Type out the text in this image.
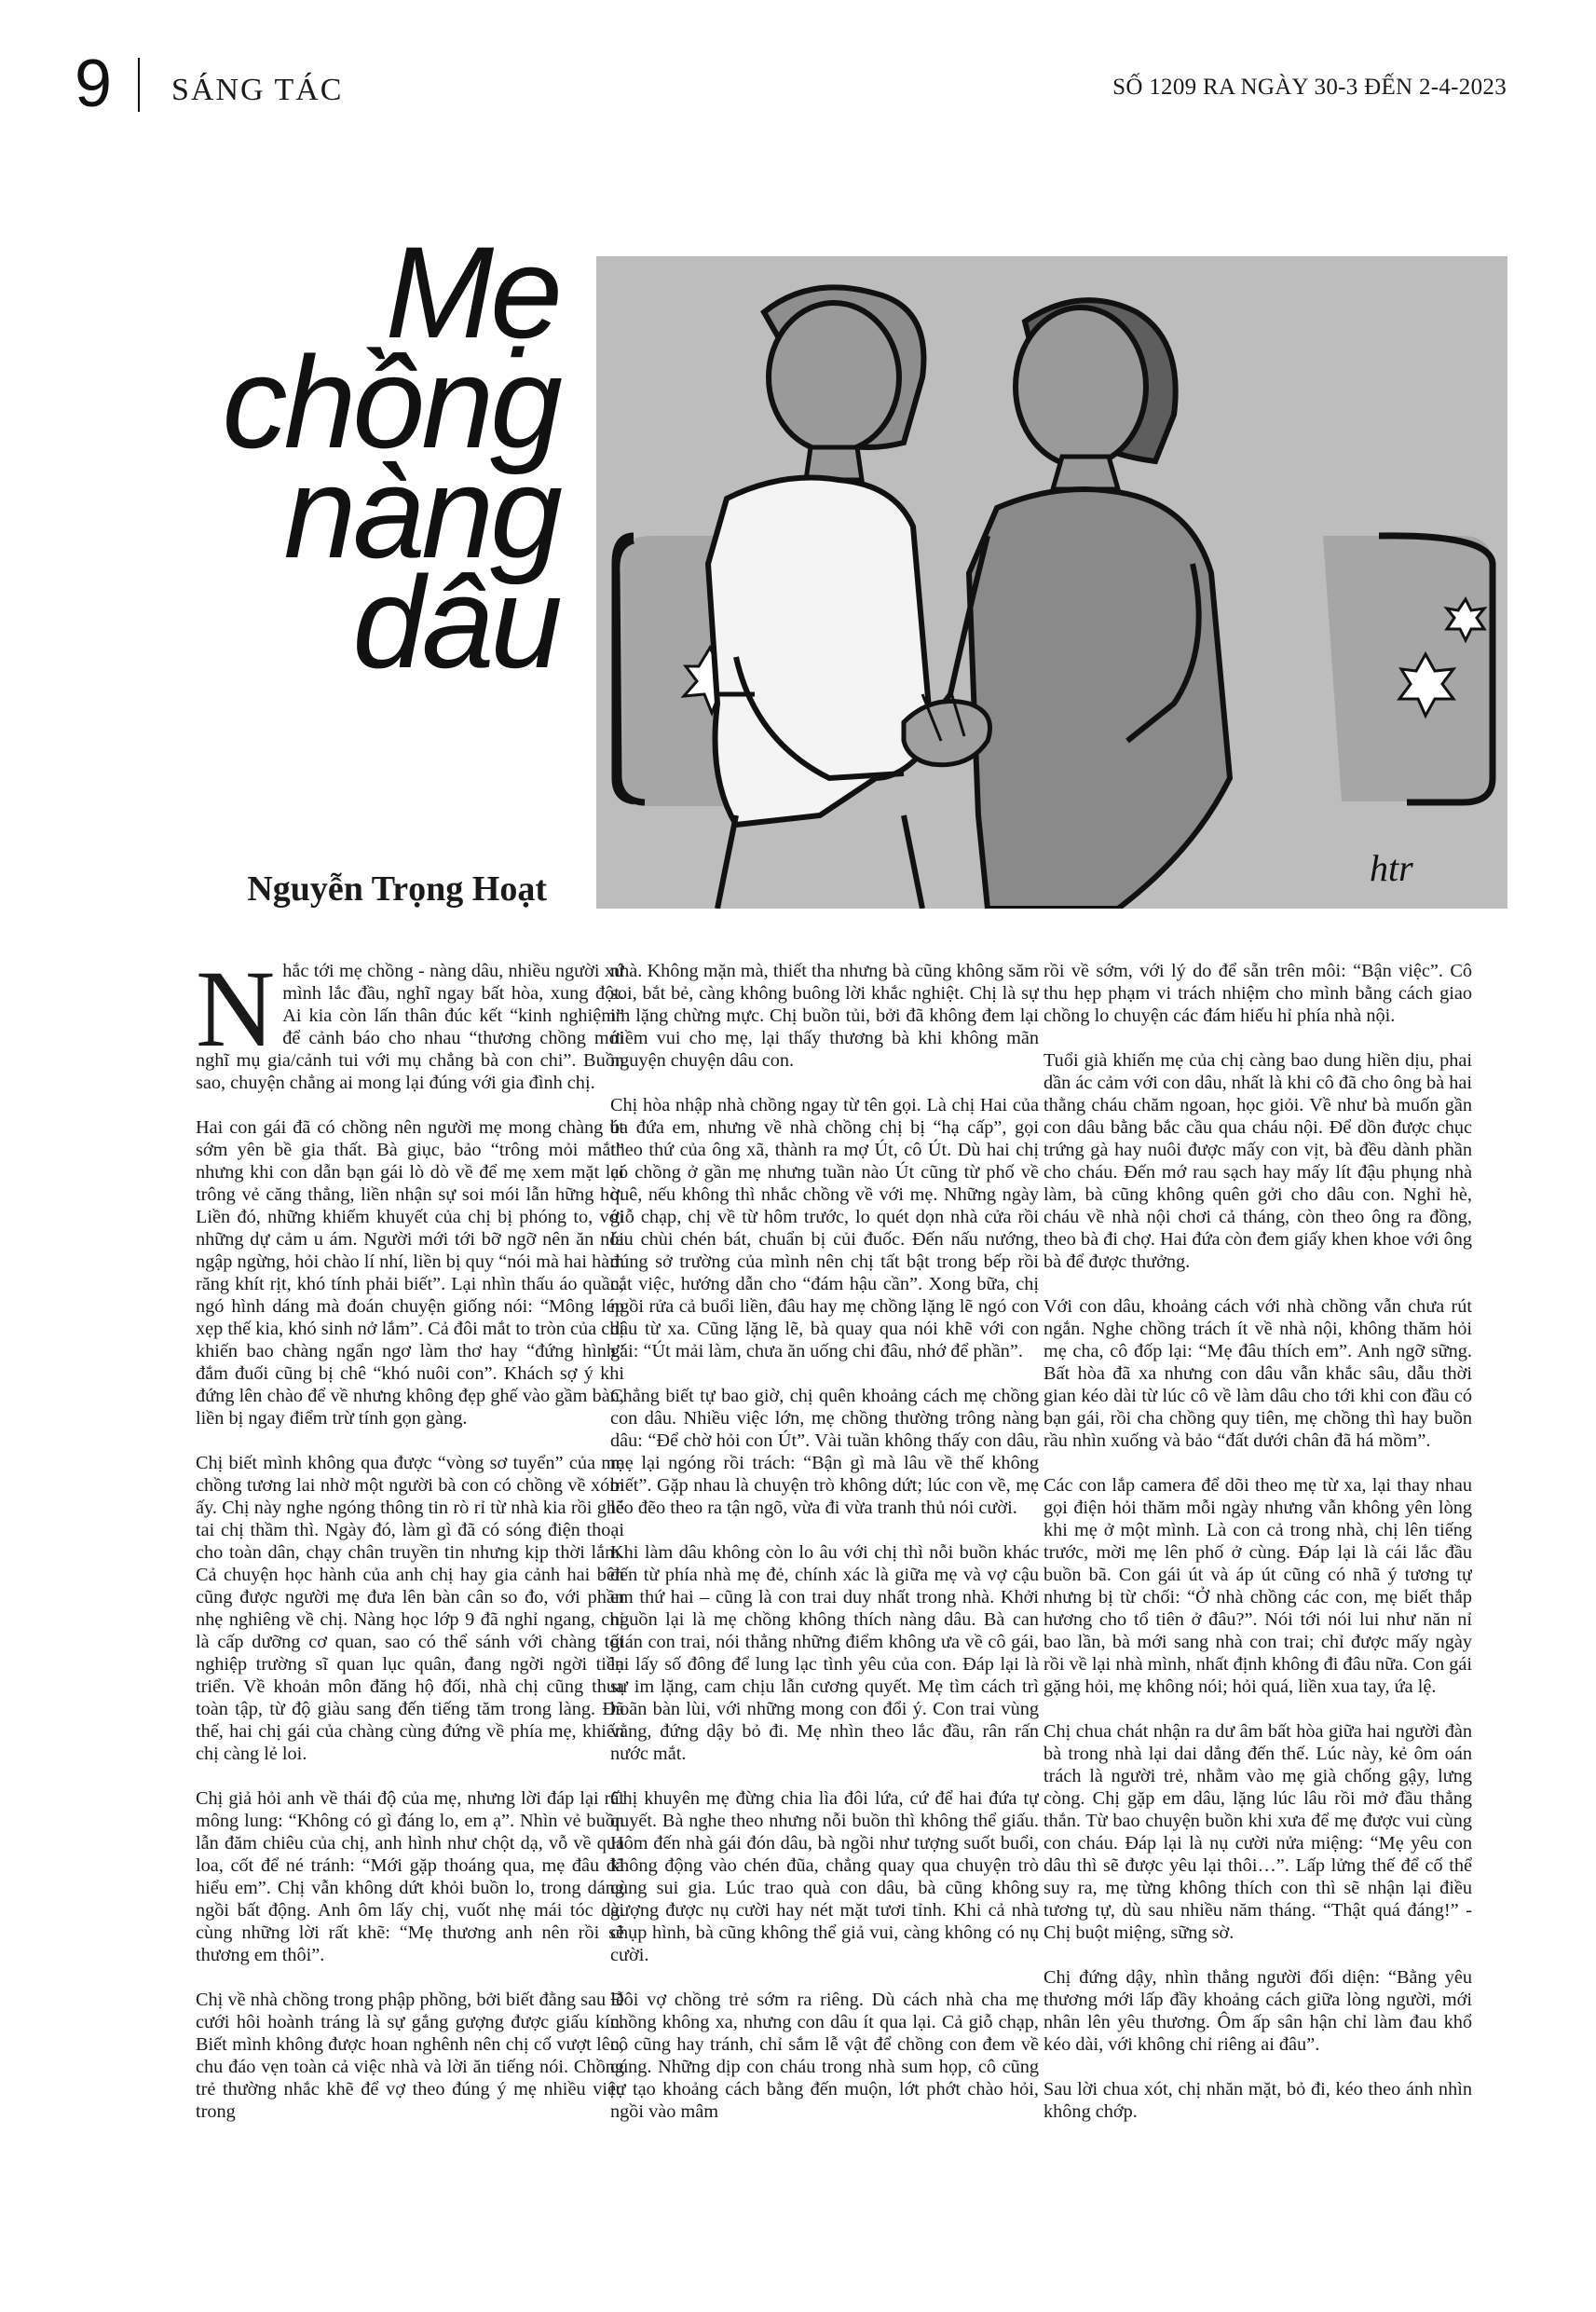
9 SÁNG TÁC	SỐ 1209 RA NGÀY 30-3 ĐẾN 2-4-2023
Mẹ
chồng
nàng
dâu
Nguyễn Trọng Hoạt	htr

Nhắc tới mẹ chồng - nàng dâu, nhiều người xứ mình lắc đầu, nghĩ ngay bất hòa, xung đột. Ai kia còn lấn thân đúc kết “kinh nghiệm” để cảnh báo cho nhau “thương chồng mới nghĩ mụ gia/cảnh tui với mụ chẳng bà con chi”. Buồn sao, chuyện chẳng ai mong lại đúng với gia đình chị.

Hai con gái đã có chồng nên người mẹ mong chàng út sớm yên bề gia thất. Bà giục, bảo “trông mỏi mắt” nhưng khi con dẫn bạn gái lò dò về để mẹ xem mặt lại trông vẻ căng thẳng, liền nhận sự soi mói lẫn hững hờ. Liền đó, những khiếm khuyết của chị bị phóng to, với những dự cảm u ám. Người mới tới bỡ ngỡ nên ăn nói ngập ngừng, hỏi chào lí nhí, liền bị quy “nói mà hai hàm răng khít rịt, khó tính phải biết”. Lại nhìn thấu áo quần, ngó hình dáng mà đoán chuyện giống nói: “Mông lép xẹp thế kia, khó sinh nở lắm”. Cả đôi mắt to tròn của chị khiến bao chàng ngẩn ngơ làm thơ hay “đứng hình” đắm đuối cũng bị chê “khó nuôi con”. Khách sợ ý khi đứng lên chào để về nhưng không đẹp ghế vào gầm bàn, liền bị ngay điểm trừ tính gọn gàng.

Chị biết mình không qua được “vòng sơ tuyển” của mẹ chồng tương lai nhờ một người bà con có chồng về xóm ấy. Chị này nghe ngóng thông tin rò rỉ từ nhà kia rồi ghé tai chị thầm thì. Ngày đó, làm gì đã có sóng điện thoại cho toàn dân, chạy chân truyền tin nhưng kịp thời lắm. Cả chuyện học hành của anh chị hay gia cảnh hai bên cũng được người mẹ đưa lên bàn cân so đo, với phần nhẹ nghiêng về chị. Nàng học lớp 9 đã nghỉ ngang, chỉ là cấp dưỡng cơ quan, sao có thể sánh với chàng tốt nghiệp trường sĩ quan lục quân, đang ngời ngời tiền triển. Về khoản môn đăng hộ đối, nhà chị cũng thua toàn tập, từ độ giàu sang đến tiếng tăm trong làng. Đã thế, hai chị gái của chàng cùng đứng về phía mẹ, khiến chị càng lẻ loi.

Chị giả hỏi anh về thái độ của mẹ, nhưng lời đáp lại rất mông lung: “Không có gì đáng lo, em ạ”. Nhìn vẻ buồn lẫn đăm chiêu của chị, anh hình như chột dạ, vỗ về qua loa, cốt để né tránh: “Mới gặp thoáng qua, mẹ đâu đã hiểu em”. Chị vẫn không dứt khỏi buồn lo, trong dáng ngồi bất động. Anh ôm lấy chị, vuốt nhẹ mái tóc dài cùng những lời rất khẽ: “Mẹ thương anh nên rồi sẽ thương em thôi”.

Chị về nhà chồng trong phập phồng, bởi biết đằng sau lễ cưới hôi hoành tráng là sự gắng gượng được giấu kín. Biết mình không được hoan nghênh nên chị cố vượt lên, chu đáo vẹn toàn cả việc nhà và lời ăn tiếng nói. Chồng trẻ thường nhắc khẽ để vợ theo đúng ý mẹ nhiều việc trong

nhà. Không mặn mà, thiết tha nhưng bà cũng không săm soi, bắt bẻ, càng không buông lời khắc nghiệt. Chị là sự im lặng chừng mực. Chị buồn tủi, bởi đã không đem lại niềm vui cho mẹ, lại thấy thương bà khi không mãn nguyện chuyện dâu con.

Chị hòa nhập nhà chồng ngay từ tên gọi. Là chị Hai của ba đứa em, nhưng về nhà chồng chị bị “hạ cấp”, gọi theo thứ của ông xã, thành ra mợ Út, cô Út. Dù hai chị có chồng ở gần mẹ nhưng tuần nào Út cũng từ phố về quê, nếu không thì nhắc chồng về với mẹ. Những ngày giỗ chạp, chị về từ hôm trước, lo quét dọn nhà cửa rồi lau chùi chén bát, chuẩn bị củi đuốc. Đến nấu nướng, đúng sở trường của mình nên chị tất bật trong bếp rồi cắt việc, hướng dẫn cho “đám hậu cần”. Xong bữa, chị ngồi rửa cả buổi liền, đâu hay mẹ chồng lặng lẽ ngó con dâu từ xa. Cũng lặng lẽ, bà quay qua nói khẽ với con gái: “Út mải làm, chưa ăn uống chi đâu, nhớ để phần”.

Chẳng biết tự bao giờ, chị quên khoảng cách mẹ chồng con dâu. Nhiều việc lớn, mẹ chồng thường trông nàng dâu: “Để chờ hỏi con Út”. Vài tuần không thấy con dâu, mẹ lại ngóng rồi trách: “Bận gì mà lâu về thế không biết”. Gặp nhau là chuyện trò không dứt; lúc con về, mẹ lẽo đẽo theo ra tận ngõ, vừa đi vừa tranh thủ nói cười.

Khi làm dâu không còn lo âu với chị thì nỗi buồn khác đến từ phía nhà mẹ đẻ, chính xác là giữa mẹ và vợ cậu em thứ hai – cũng là con trai duy nhất trong nhà. Khởi nguồn lại là mẹ chồng không thích nàng dâu. Bà can gián con trai, nói thẳng những điểm không ưa về cô gái, lại lấy số đông để lung lạc tình yêu của con. Đáp lại là sự im lặng, cam chịu lẫn cương quyết. Mẹ tìm cách trì hoãn bàn lùi, với những mong con đổi ý. Con trai vùng vằng, đứng dậy bỏ đi. Mẹ nhìn theo lắc đầu, rân rấn nước mắt.

Chị khuyên mẹ đừng chia lìa đôi lứa, cứ để hai đứa tự quyết. Bà nghe theo nhưng nỗi buồn thì không thể giấu. Hôm đến nhà gái đón dâu, bà ngồi như tượng suốt buổi, không động vào chén đũa, chẳng quay qua chuyện trò cùng sui gia. Lúc trao quà con dâu, bà cũng không gượng được nụ cười hay nét mặt tươi tỉnh. Khi cả nhà chụp hình, bà cũng không thể giả vui, càng không có nụ cười.

Đôi vợ chồng trẻ sớm ra riêng. Dù cách nhà cha mẹ chồng không xa, nhưng con dâu ít qua lại. Cả giỗ chạp, cô cũng hay tránh, chỉ sắm lễ vật để chồng con đem về cúng. Những dịp con cháu trong nhà sum họp, cô cũng tự tạo khoảng cách bằng đến muộn, lớt phớt chào hỏi, ngồi vào mâm

rồi về sớm, với lý do để sẵn trên môi: “Bận việc”. Cô thu hẹp phạm vi trách nhiệm cho mình bằng cách giao chồng lo chuyện các đám hiếu hỉ phía nhà nội.

Tuổi già khiến mẹ của chị càng bao dung hiền dịu, phai dần ác cảm với con dâu, nhất là khi cô đã cho ông bà hai thằng cháu chăm ngoan, học giỏi. Về như bà muốn gần con dâu bằng bắc cầu qua cháu nội. Để dồn được chục trứng gà hay nuôi được mấy con vịt, bà đều dành phần cho cháu. Đến mớ rau sạch hay mấy lít đậu phụng nhà làm, bà cũng không quên gởi cho dâu con. Nghỉ hè, cháu về nhà nội chơi cả tháng, còn theo ông ra đồng, theo bà đi chợ. Hai đứa còn đem giấy khen khoe với ông bà để được thưởng.

Với con dâu, khoảng cách với nhà chồng vẫn chưa rút ngắn. Nghe chồng trách ít về nhà nội, không thăm hỏi mẹ cha, cô đốp lại: “Mẹ đâu thích em”. Anh ngỡ sững. Bất hòa đã xa nhưng con dâu vẫn khắc sâu, dẫu thời gian kéo dài từ lúc cô về làm dâu cho tới khi con đầu có bạn gái, rồi cha chồng quy tiên, mẹ chồng thì hay buồn rầu nhìn xuống và bảo “đất dưới chân đã há mồm”.

Các con lắp camera để dõi theo mẹ từ xa, lại thay nhau gọi điện hỏi thăm mỗi ngày nhưng vẫn không yên lòng khi mẹ ở một mình. Là con cả trong nhà, chị lên tiếng trước, mời mẹ lên phố ở cùng. Đáp lại là cái lắc đầu buồn bã. Con gái út và áp út cũng có nhã ý tương tự nhưng bị từ chối: “Ở nhà chồng các con, mẹ biết thắp hương cho tổ tiên ở đâu?”. Nói tới nói lui như năn nỉ bao lần, bà mới sang nhà con trai; chỉ được mấy ngày rồi về lại nhà mình, nhất định không đi đâu nữa. Con gái gặng hỏi, mẹ không nói; hỏi quá, liền xua tay, ứa lệ.

Chị chua chát nhận ra dư âm bất hòa giữa hai người đàn bà trong nhà lại dai dẳng đến thế. Lúc này, kẻ ôm oán trách là người trẻ, nhằm vào mẹ già chống gậy, lưng còng. Chị gặp em dâu, lặng lúc lâu rồi mở đầu thẳng thắn. Từ bao chuyện buồn khi xưa để mẹ được vui cùng con cháu. Đáp lại là nụ cười nửa miệng: “Mẹ yêu con dâu thì sẽ được yêu lại thôi…”. Lấp lửng thế để cố thể suy ra, mẹ từng không thích con thì sẽ nhận lại điều tương tự, dù sau nhiều năm tháng. “Thật quá đáng!” - Chị buột miệng, sững sờ.

Chị đứng dậy, nhìn thẳng người đối diện: “Bằng yêu thương mới lấp đầy khoảng cách giữa lòng người, mới nhân lên yêu thương. Ôm ấp sân hận chỉ làm đau khổ kéo dài, với không chỉ riêng ai đâu”.

Sau lời chua xót, chị nhăn mặt, bỏ đi, kéo theo ánh nhìn không chớp.
